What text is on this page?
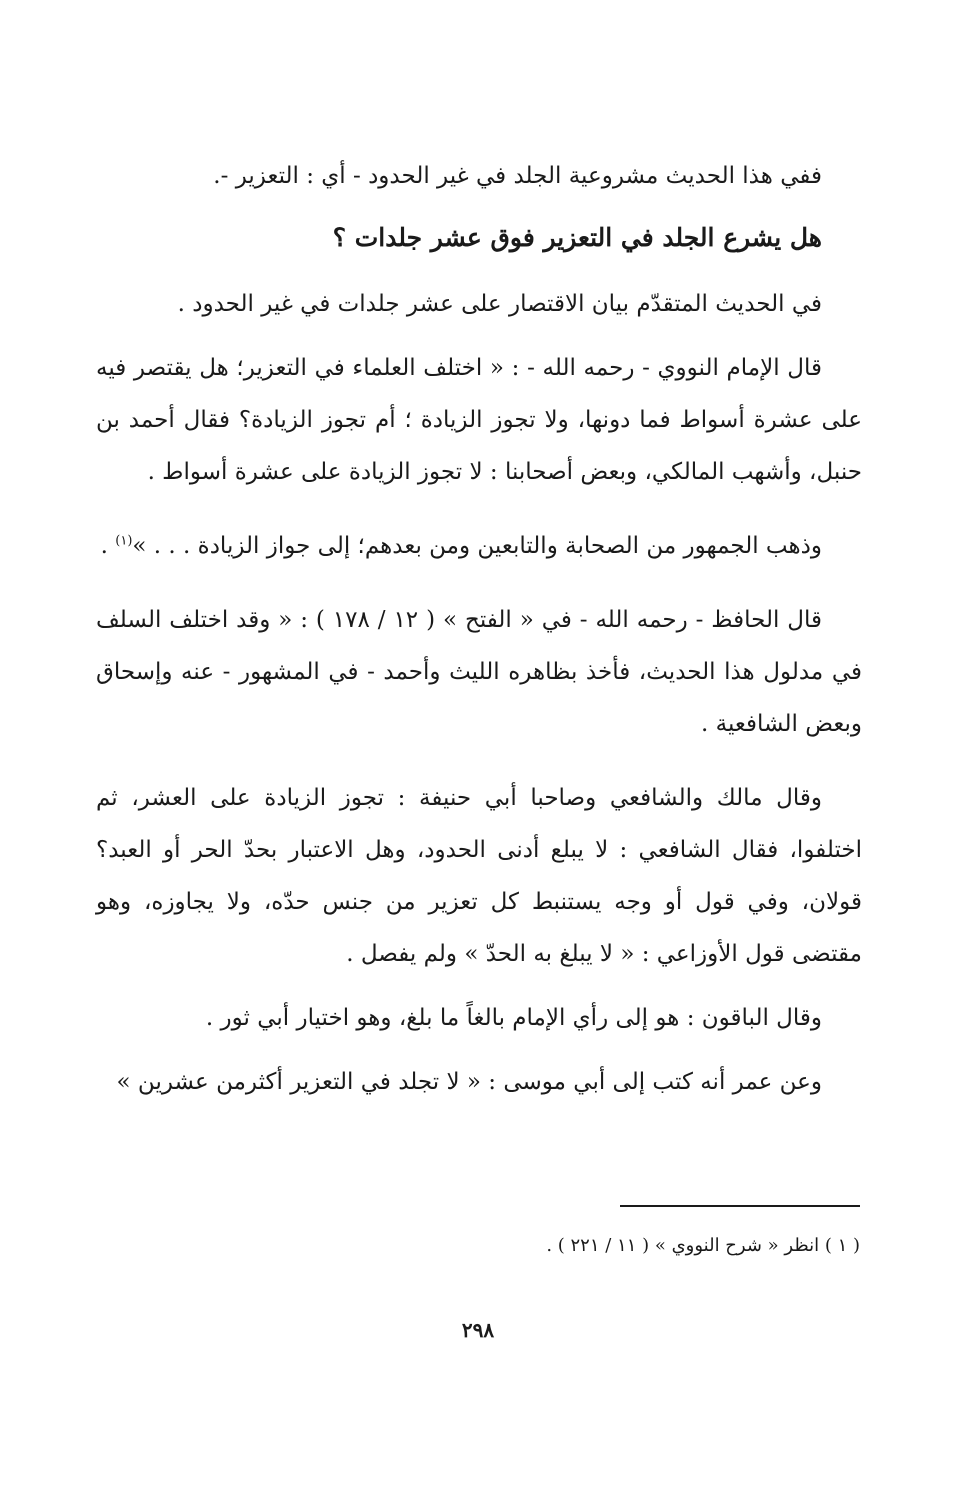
ففي هذا الحديث مشروعية الجلد في غير الحدود - أي : التعزير -.

هل يشرع الجلد في التعزير فوق عشر جلدات ؟

في الحديث المتقدّم بيان الاقتصار على عشر جلدات في غير الحدود .

قال الإمام النووي - رحمه الله - : « اختلف العلماء في التعزير؛ هل يقتصر فيه على عشرة أسواط فما دونها، ولا تجوز الزيادة ؛ أم تجوز الزيادة؟ فقال أحمد بن حنبل، وأشهب المالكي، وبعض أصحابنا : لا تجوز الزيادة على عشرة أسواط .

وذهب الجمهور من الصحابة والتابعين ومن بعدهم؛ إلى جواز الزيادة . . . »$^{(١)}$ .

قال الحافظ - رحمه الله - في « الفتح » ( ١٢ / ١٧٨ ) : « وقد اختلف السلف في مدلول هذا الحديث، فأخذ بظاهره الليث وأحمد - في المشهور - عنه وإسحاق وبعض الشافعية .

وقال مالك والشافعي وصاحبا أبي حنيفة : تجوز الزيادة على العشر، ثم اختلفوا، فقال الشافعي : لا يبلع أدنى الحدود، وهل الاعتبار بحدّ الحر أو العبد؟ قولان، وفي قول أو وجه يستنبط كل تعزير من جنس حدّه، ولا يجاوزه، وهو مقتضى قول الأوزاعي : « لا يبلغ به الحدّ » ولم يفصل .

وقال الباقون : هو إلى رأي الإمام بالغاً ما بلغ، وهو اختيار أبي ثور .

وعن عمر أنه كتب إلى أبي موسى : « لا تجلد في التعزير أكثرمن عشرين »

( ١ ) انظر « شرح النووي » ( ١١ / ٢٢١ ) .
٢٩٨
